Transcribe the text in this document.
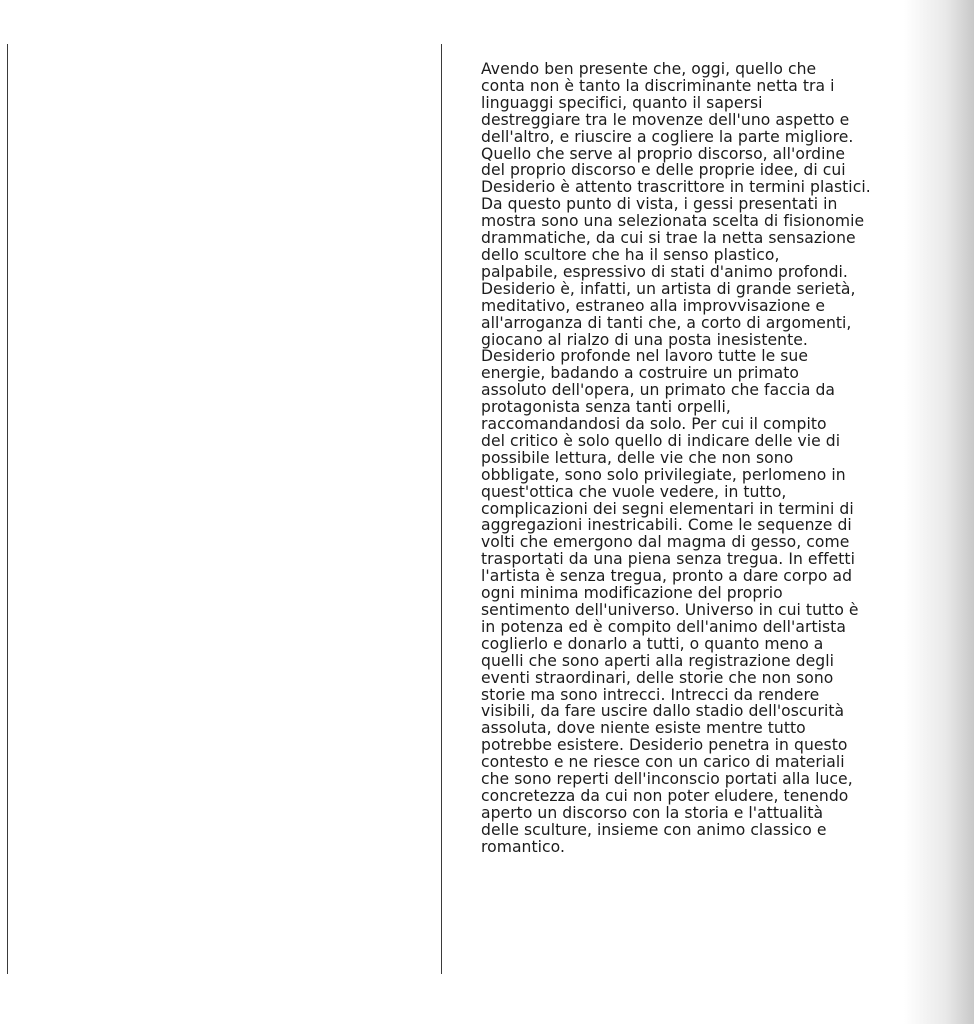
Avendo ben presente che, oggi, quello che
conta non è tanto la discriminante netta tra i
linguaggi specifici, quanto il sapersi
destreggiare tra le movenze dell'uno aspetto e
dell'altro, e riuscire a cogliere la parte migliore.
Quello che serve al proprio discorso, all'ordine
del proprio discorso e delle proprie idee, di cui
Desiderio è attento trascrittore in termini plastici.
Da questo punto di vista, i gessi presentati in
mostra sono una selezionata scelta di fisionomie
drammatiche, da cui si trae la netta sensazione
dello scultore che ha il senso plastico,
palpabile, espressivo di stati d'animo profondi.
Desiderio è, infatti, un artista di grande serietà,
meditativo, estraneo alla improvvisazione e
all'arroganza di tanti che, a corto di argomenti,
giocano al rialzo di una posta inesistente.
Desiderio profonde nel lavoro tutte le sue
energie, badando a costruire un primato
assoluto dell'opera, un primato che faccia da
protagonista senza tanti orpelli,
raccomandandosi da solo. Per cui il compito
del critico è solo quello di indicare delle vie di
possibile lettura, delle vie che non sono
obbligate, sono solo privilegiate, perlomeno in
quest'ottica che vuole vedere, in tutto,
complicazioni dei segni elementari in termini di
aggregazioni inestricabili. Come le sequenze di
volti che emergono dal magma di gesso, come
trasportati da una piena senza tregua. In effetti
l'artista è senza tregua, pronto a dare corpo ad
ogni minima modificazione del proprio
sentimento dell'universo. Universo in cui tutto è
in potenza ed è compito dell'animo dell'artista
coglierlo e donarlo a tutti, o quanto meno a
quelli che sono aperti alla registrazione degli
eventi straordinari, delle storie che non sono
storie ma sono intrecci. Intrecci da rendere
visibili, da fare uscire dallo stadio dell'oscurità
assoluta, dove niente esiste mentre tutto
potrebbe esistere. Desiderio penetra in questo
contesto e ne riesce con un carico di materiali
che sono reperti dell'inconscio portati alla luce,
concretezza da cui non poter eludere, tenendo
aperto un discorso con la storia e l'attualità
delle sculture, insieme con animo classico e
romantico.
